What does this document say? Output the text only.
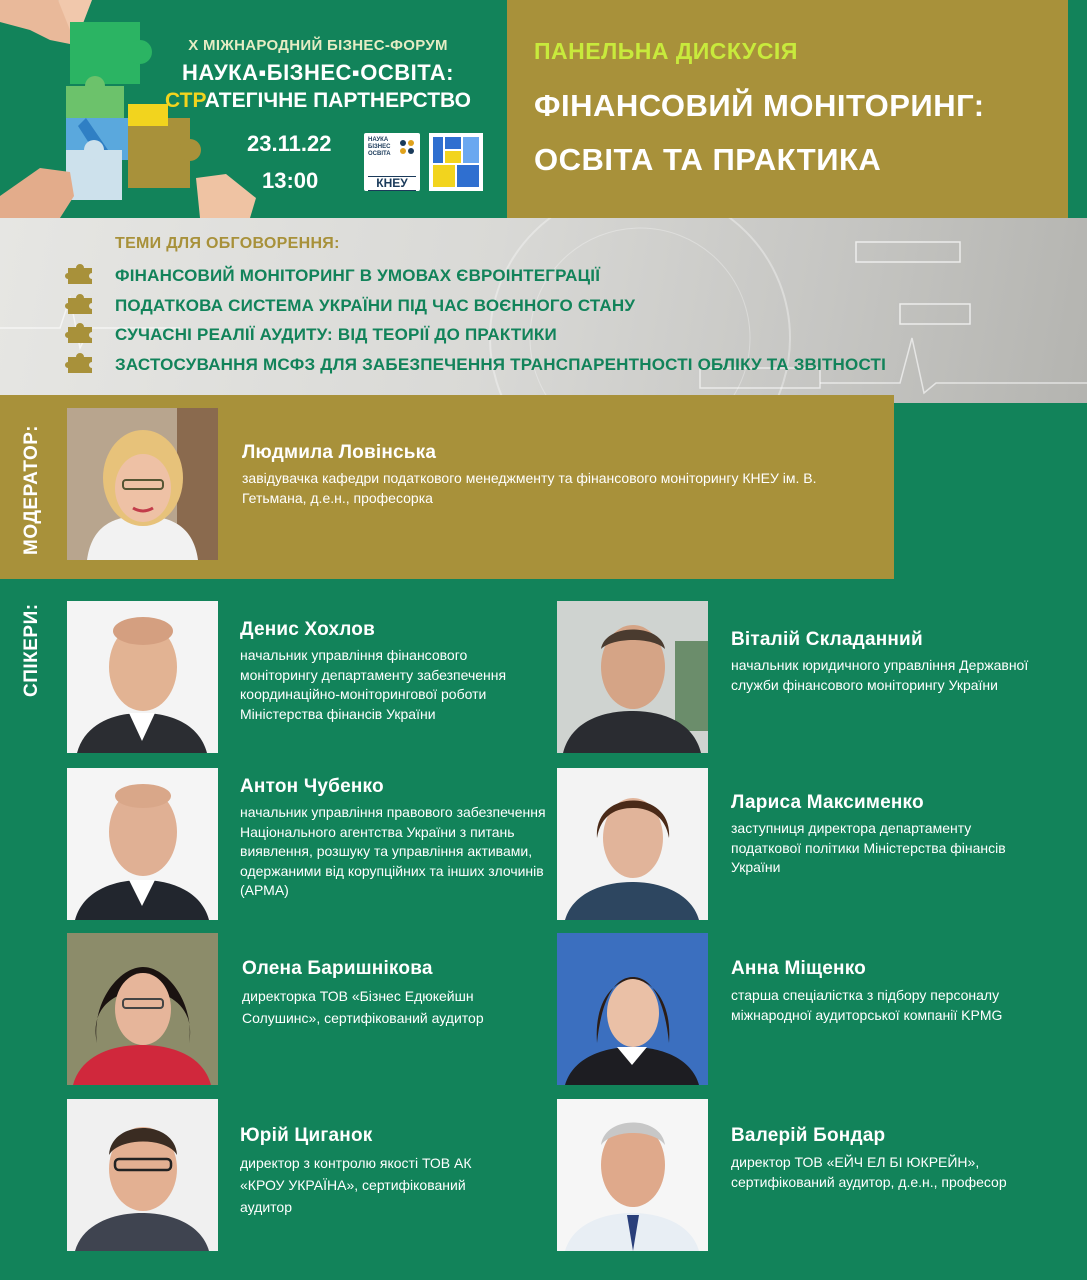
X МІЖНАРОДНИЙ БІЗНЕС-ФОРУМ
НАУКА▪БІЗНЕС▪ОСВІТА:
СТРАТЕГІЧНЕ ПАРТНЕРСТВО
23.11.22
13:00
НАУКА БІЗНЕС ОСВІТА
КНЕУ
ПАНЕЛЬНА ДИСКУСІЯ
ФІНАНСОВИЙ МОНІТОРИНГ:
ОСВІТА ТА ПРАКТИКА
ТЕМИ ДЛЯ ОБГОВОРЕННЯ:
ФІНАНСОВИЙ МОНІТОРИНГ В УМОВАХ ЄВРОІНТЕГРАЦІЇ
ПОДАТКОВА СИСТЕМА УКРАЇНИ ПІД ЧАС ВОЄННОГО СТАНУ
СУЧАСНІ РЕАЛІЇ АУДИТУ: ВІД ТЕОРІЇ ДО ПРАКТИКИ
ЗАСТОСУВАННЯ МСФЗ ДЛЯ ЗАБЕЗПЕЧЕННЯ ТРАНСПАРЕНТНОСТІ ОБЛІКУ ТА ЗВІТНОСТІ
МОДЕРАТОР:	Людмила Ловінська
завідувачка кафедри податкового менеджменту та фінансового моніторингу КНЕУ ім. В. Гетьмана, д.е.н., професорка
СПІКЕРИ:	Денис Хохлов
начальник управління фінансового моніторингу департаменту забезпечення координаційно-моніторингової роботи Міністерства фінансів України
Віталій Складанний
начальник юридичного управління Державної служби фінансового моніторингу України
Антон Чубенко
начальник управління правового забезпечення Національного агентства України з питань виявлення, розшуку та управління активами, одержаними від корупційних та інших злочинів (АРМА)
Лариса Максименко
заступниця директора департаменту податкової політики Міністерства фінансів України
Олена Баришнікова
директорка ТОВ «Бізнес Едюкейшн Солушинс», сертифікований аудитор
Анна Міщенко
старша спеціалістка з підбору персоналу міжнародної аудиторської компанії KPMG
Юрій Циганок
директор з контролю якості ТОВ АК «КРОУ УКРАЇНА», сертифікований аудитор
Валерій Бондар
директор ТОВ «ЕЙЧ ЕЛ БІ ЮКРЕЙН», сертифікований аудитор, д.е.н., професор
